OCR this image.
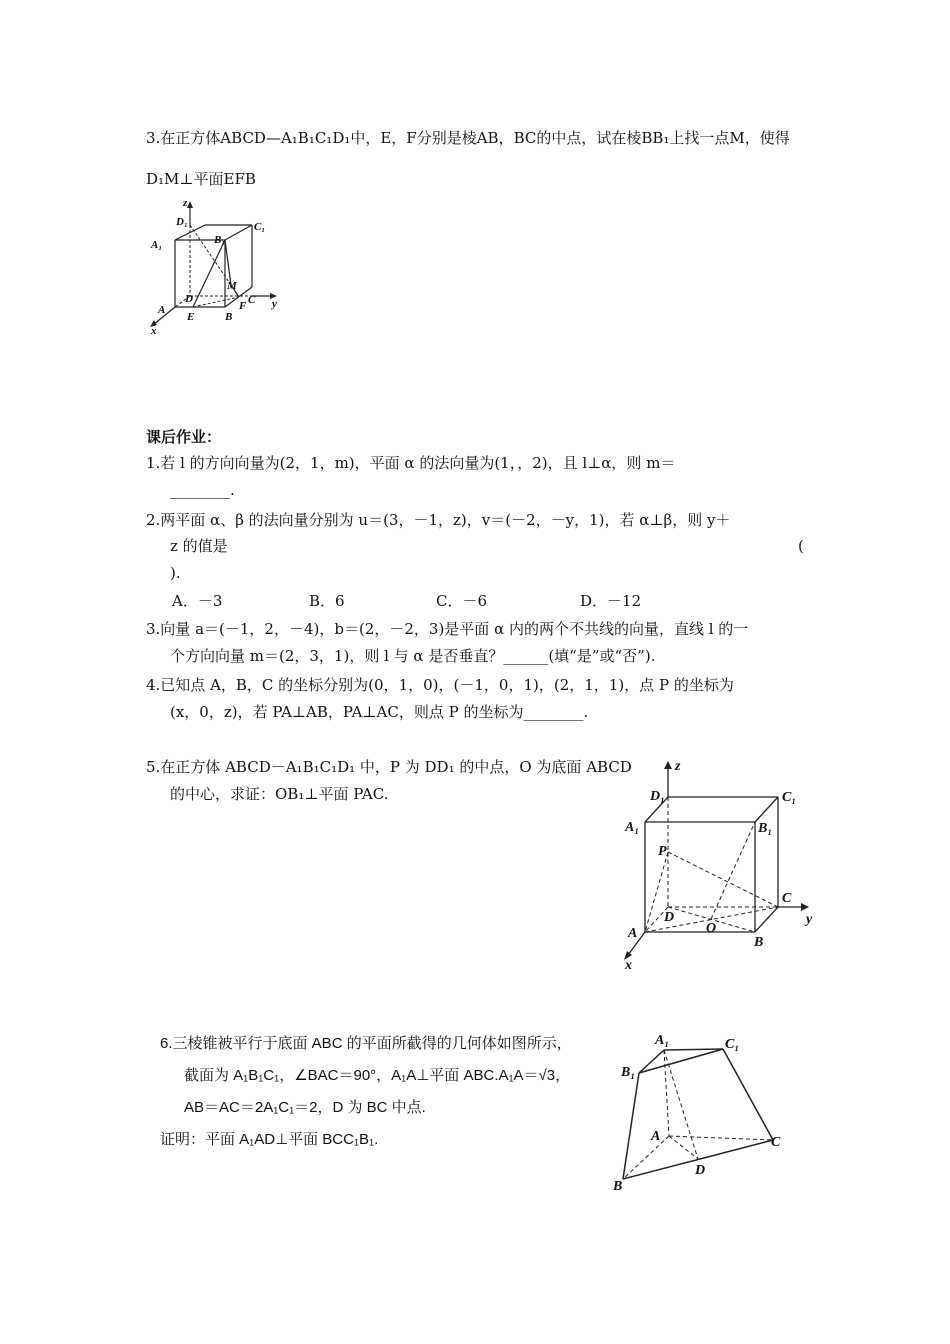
3.在正方体ABCD—A₁B₁C₁D₁中，E，F分别是棱AB，BC的中点，试在棱BB₁上找一点M，使得
D₁M⊥平面EFB
z
x
y
D₁	C₁
A₁	B₁
M
D	C
A	F
E	B
课后作业：
1.若 l 的方向向量为(2，1，m)，平面 α 的法向量为(1，，2)，且 l⊥α，则 m＝
________.
2.两平面 α、β 的法向量分别为 u＝(3，－1，z)，v＝(－2，－y，1)，若 α⊥β，则 y＋
z 的值是	(
).
A．－3	B．6	C．－6	D．－12
3.向量 a＝(－1，2，－4)，b＝(2，－2，3)是平面 α 内的两个不共线的向量，直线 l 的一
个方向向量 m＝(2，3，1)，则 l 与 α 是否垂直？______(填“是”或“否”).
4.已知点 A，B，C 的坐标分别为(0，1，0)，(－1，0，1)，(2，1，1)，点 P 的坐标为
(x，0，z)，若 PA⊥AB，PA⊥AC，则点 P 的坐标为________.
5.在正方体 ABCD－A₁B₁C₁D₁ 中，P 为 DD₁ 的中点，O 为底面 ABCD
的中心，求证：OB₁⊥平面 PAC.
z
y
x
D₁	C₁
A₁	B₁
P
C
D
O
A
B
6.三棱锥被平行于底面 ABC 的平面所截得的几何体如图所示，
截面为 A₁B₁C₁，∠BAC＝90°，A₁A⊥平面 ABC.A₁A＝√3，
AB＝AC＝2A₁C₁＝2，D 为 BC 中点.
证明：平面 A₁AD⊥平面 BCC₁B₁.
A₁	C₁
B₁
A	C
D
B
